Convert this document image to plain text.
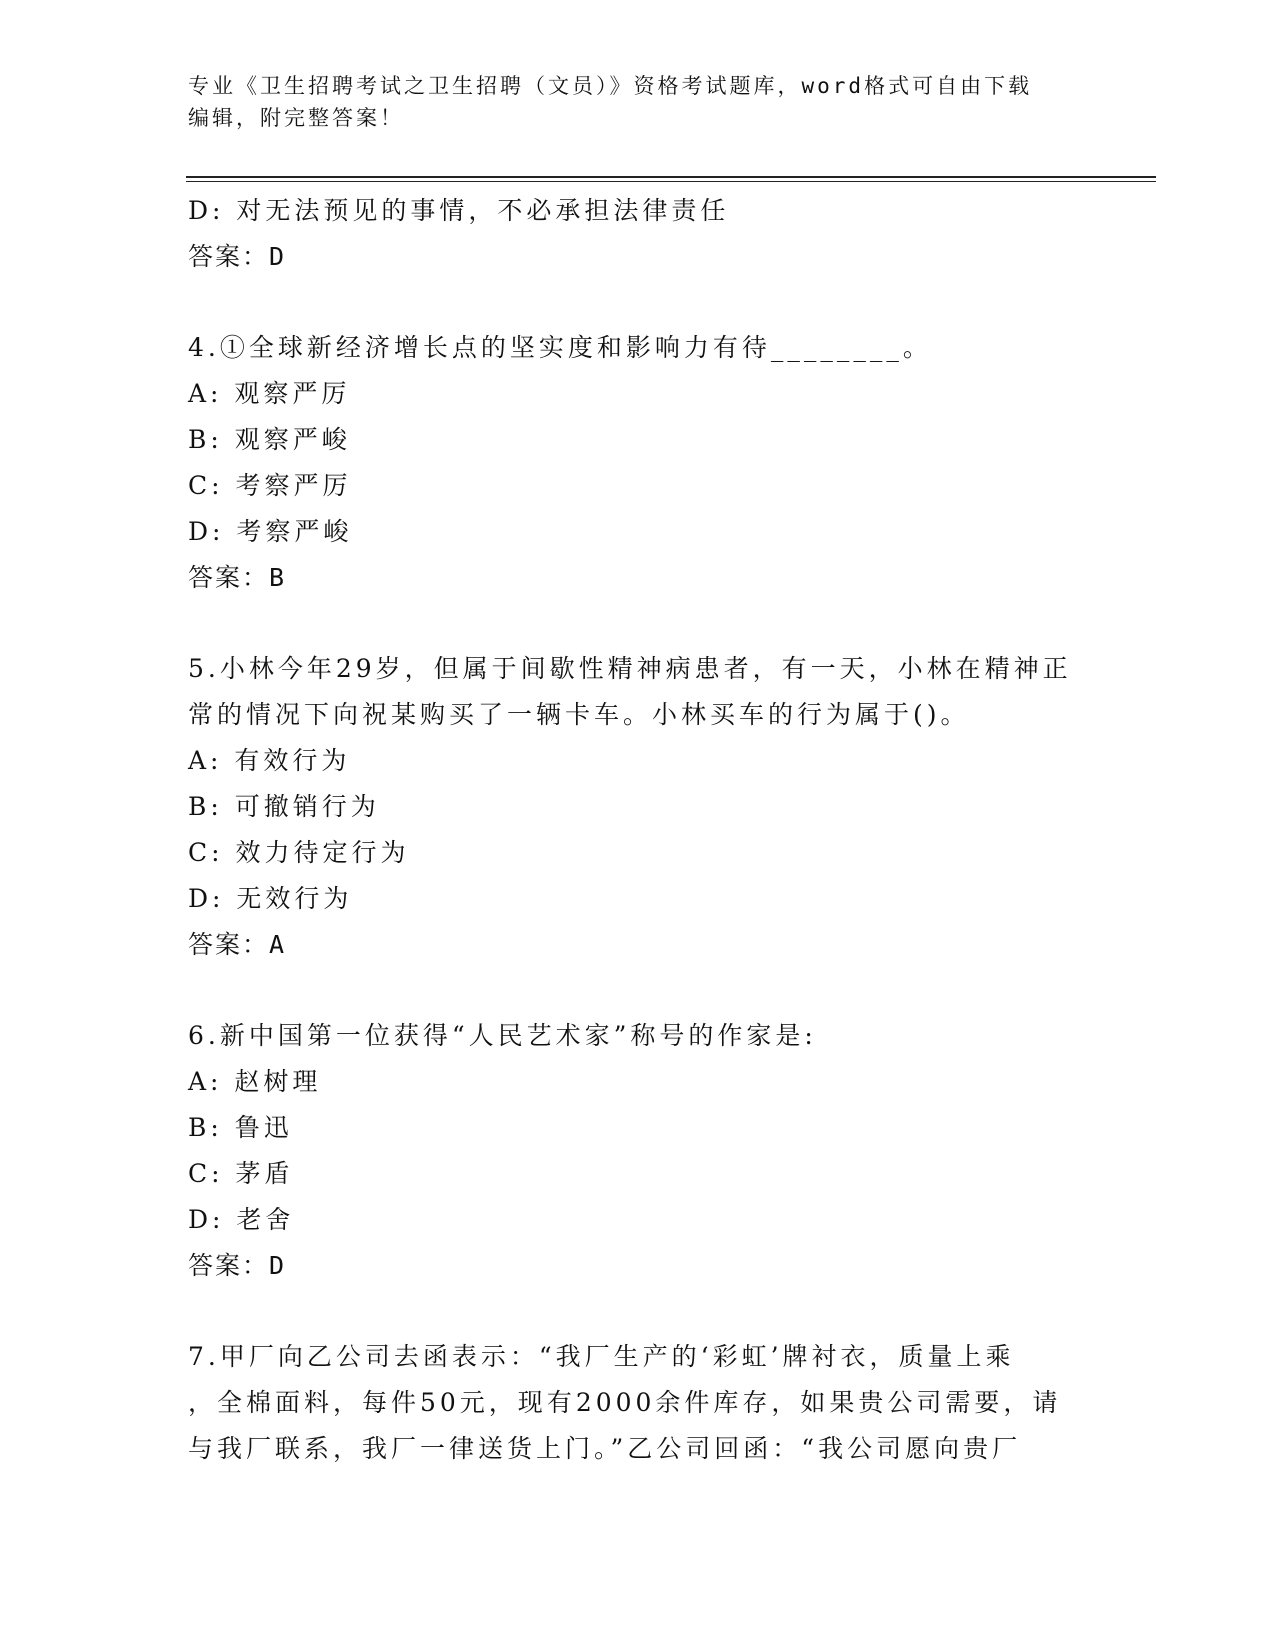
专业《卫生招聘考试之卫生招聘（文员）》资格考试题库，word格式可自由下载
编辑，附完整答案！
D: 对无法预见的事情，不必承担法律责任
答案：D
4.①全球新经济增长点的坚实度和影响力有待________。
A: 观察严厉
B: 观察严峻
C: 考察严厉
D: 考察严峻
答案：B
5.小林今年29岁，但属于间歇性精神病患者，有一天，小林在精神正
常的情况下向祝某购买了一辆卡车。小林买车的行为属于()。
A: 有效行为
B: 可撤销行为
C: 效力待定行为
D: 无效行为
答案：A
6.新中国第一位获得“人民艺术家”称号的作家是:
A: 赵树理
B: 鲁迅
C: 茅盾
D: 老舍
答案：D
7.甲厂向乙公司去函表示：“我厂生产的‘彩虹’牌衬衣，质量上乘
，全棉面料，每件50元，现有2000余件库存，如果贵公司需要，请
与我厂联系，我厂一律送货上门。”乙公司回函：“我公司愿向贵厂
